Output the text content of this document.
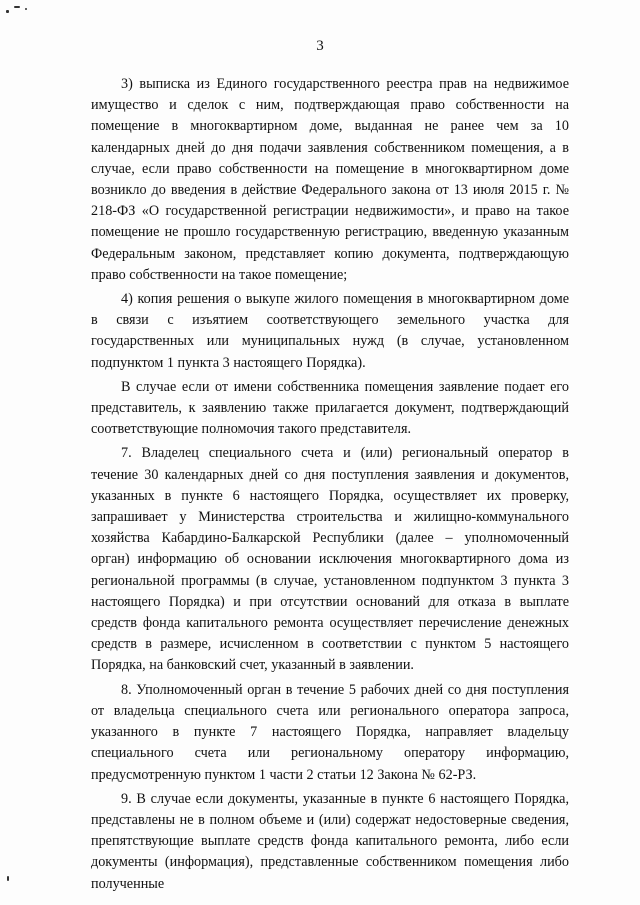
3

3) выписка из Единого государственного реестра прав на недвижимое имущество и сделок с ним, подтверждающая право собственности на помещение в многоквартирном доме, выданная не ранее чем за 10 календарных дней до дня подачи заявления собственником помещения, а в случае, если право собственности на помещение в многоквартирном доме возникло до введения в действие Федерального закона от 13 июля 2015 г. № 218-ФЗ «О государственной регистрации недвижимости», и право на такое помещение не прошло государственную регистрацию, введенную указанным Федеральным законом, представляет копию документа, подтверждающую право собственности на такое помещение;

4) копия решения о выкупе жилого помещения в многоквартирном доме в связи с изъятием соответствующего земельного участка для государственных или муниципальных нужд (в случае, установленном подпунктом 1 пункта 3 настоящего Порядка).

В случае если от имени собственника помещения заявление подает его представитель, к заявлению также прилагается документ, подтверждающий соответствующие полномочия такого представителя.

7. Владелец специального счета и (или) региональный оператор в течение 30 календарных дней со дня поступления заявления и документов, указанных в пункте 6 настоящего Порядка, осуществляет их проверку, запрашивает у Министерства строительства и жилищно-коммунального хозяйства Кабардино-Балкарской Республики (далее – уполномоченный орган) информацию об основании исключения многоквартирного дома из региональной программы (в случае, установленном подпунктом 3 пункта 3 настоящего Порядка) и при отсутствии оснований для отказа в выплате средств фонда капитального ремонта осуществляет перечисление денежных средств в размере, исчисленном в соответствии с пунктом 5 настоящего Порядка, на банковский счет, указанный в заявлении.

8. Уполномоченный орган в течение 5 рабочих дней со дня поступления от владельца специального счета или регионального оператора запроса, указанного в пункте 7 настоящего Порядка, направляет владельцу специального счета или региональному оператору информацию, предусмотренную пунктом 1 части 2 статьи 12 Закона № 62-РЗ.

9. В случае если документы, указанные в пункте 6 настоящего Порядка, представлены не в полном объеме и (или) содержат недостоверные сведения, препятствующие выплате средств фонда капитального ремонта, либо если документы (информация), представленные собственником помещения либо полученные
